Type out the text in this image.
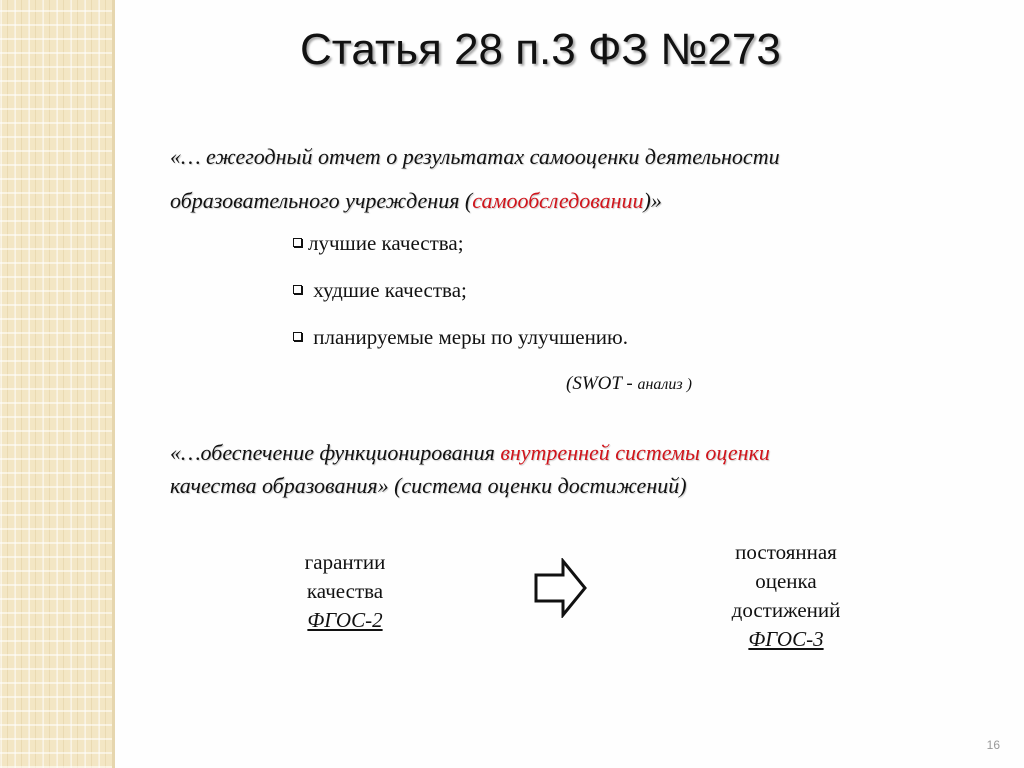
Статья 28 п.3 ФЗ №273
«… ежегодный отчет о результатах самооценки деятельности
образовательного учреждения (самообследовании)»
лучшие качества;
худшие качества;
планируемые меры по улучшению.
(SWOT - анализ )
«…обеспечение функционирования внутренней системы оценки
качества образования» (система оценки достижений)
гарантии
качества
ФГОС-2
постоянная
оценка
достижений
ФГОС-3
16
